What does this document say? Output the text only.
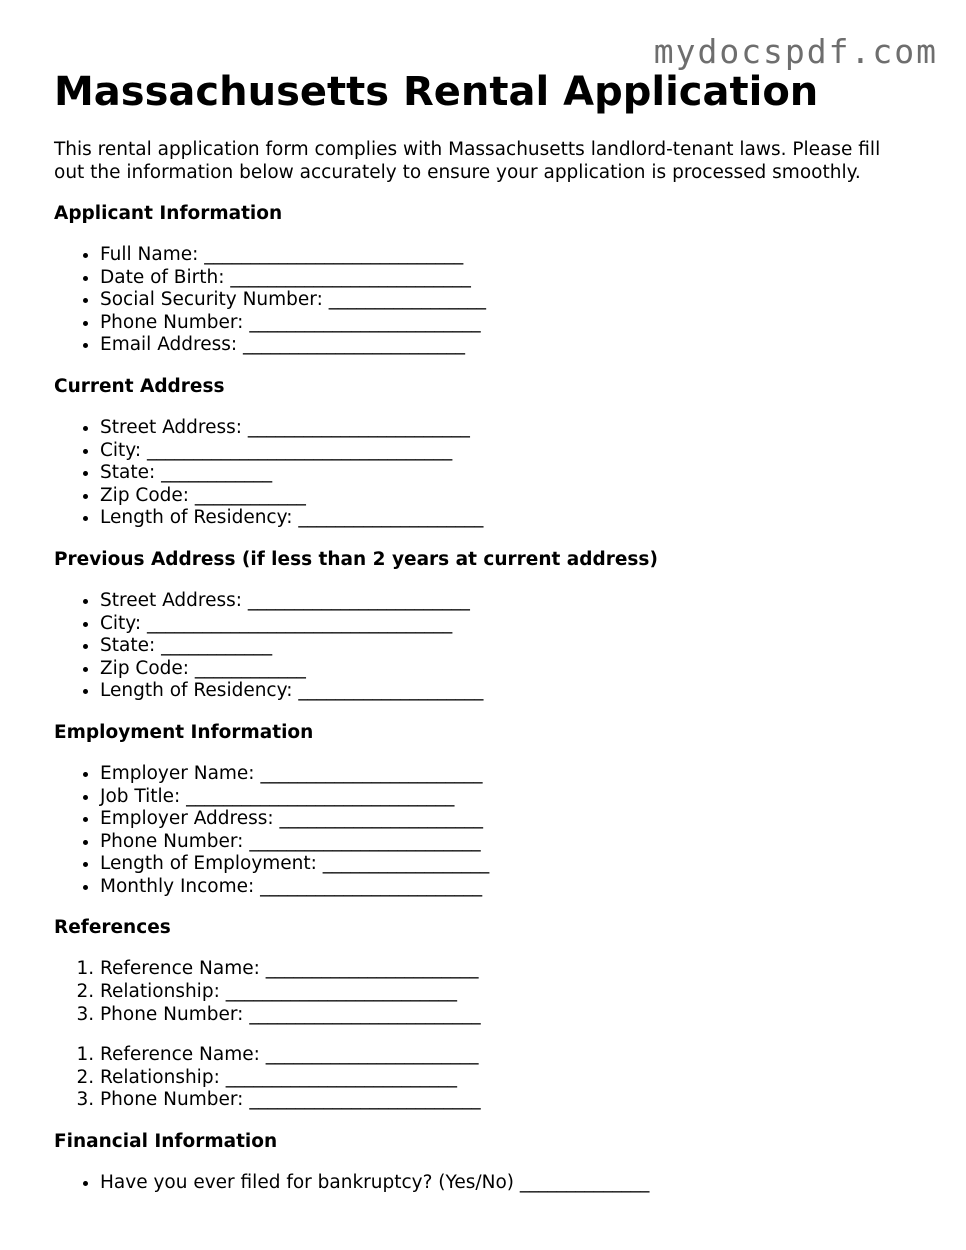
mydocspdf.com
Massachusetts Rental Application

This rental application form complies with Massachusetts landlord-tenant laws. Please fill out the information below accurately to ensure your application is processed smoothly.

Applicant Information
• Full Name: ____________________________
• Date of Birth: __________________________
• Social Security Number: _________________
• Phone Number: _________________________
• Email Address: ________________________
Current Address
• Street Address: ________________________
• City: _________________________________
• State: ____________
• Zip Code: ____________
• Length of Residency: ____________________
Previous Address (if less than 2 years at current address)
• Street Address: ________________________
• City: _________________________________
• State: ____________
• Zip Code: ____________
• Length of Residency: ____________________
Employment Information
• Employer Name: ________________________
• Job Title: _____________________________
• Employer Address: ______________________
• Phone Number: _________________________
• Length of Employment: __________________
• Monthly Income: ________________________
References
1. Reference Name: _______________________
2. Relationship: _________________________
3. Phone Number: _________________________
1. Reference Name: _______________________
2. Relationship: _________________________
3. Phone Number: _________________________
Financial Information
• Have you ever filed for bankruptcy? (Yes/No) ______________
